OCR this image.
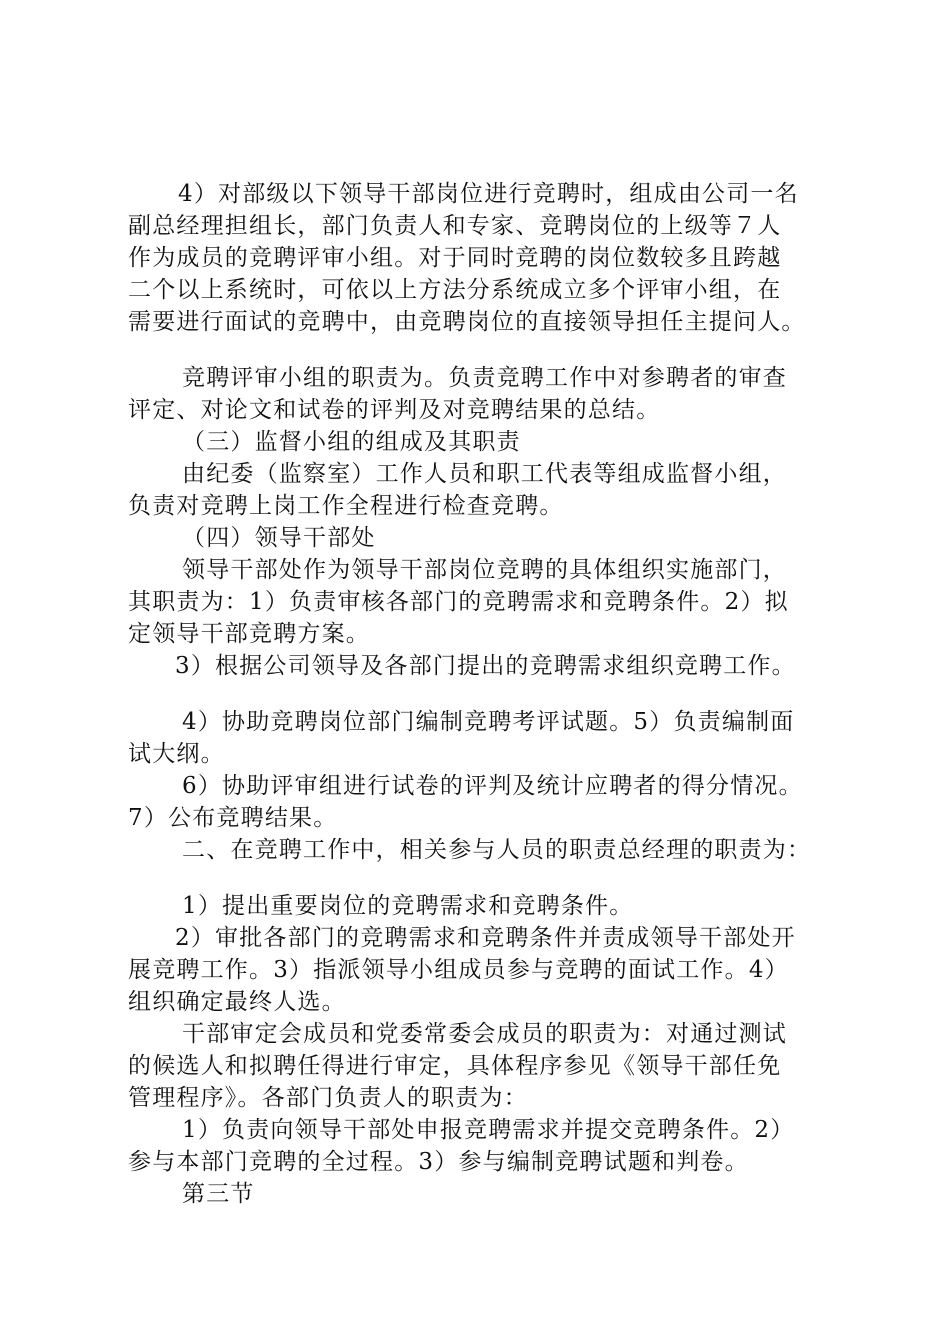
4）对部级以下领导干部岗位进行竞聘时，组成由公司一名
副总经理担组长，部门负责人和专家、竞聘岗位的上级等７人
作为成员的竞聘评审小组。对于同时竞聘的岗位数较多且跨越
二个以上系统时，可依以上方法分系统成立多个评审小组，在
需要进行面试的竞聘中，由竞聘岗位的直接领导担任主提问人。
竞聘评审小组的职责为。负责竞聘工作中对参聘者的审查
评定、对论文和试卷的评判及对竞聘结果的总结。
（三）监督小组的组成及其职责
由纪委（监察室）工作人员和职工代表等组成监督小组，
负责对竞聘上岗工作全程进行检查竞聘。
（四）领导干部处
领导干部处作为领导干部岗位竞聘的具体组织实施部门，
其职责为：1）负责审核各部门的竞聘需求和竞聘条件。2）拟
定领导干部竞聘方案。
3）根据公司领导及各部门提出的竞聘需求组织竞聘工作。
4）协助竞聘岗位部门编制竞聘考评试题。5）负责编制面
试大纲。
6）协助评审组进行试卷的评判及统计应聘者的得分情况。
7）公布竞聘结果。
二、在竞聘工作中，相关参与人员的职责总经理的职责为：
1）提出重要岗位的竞聘需求和竞聘条件。
2）审批各部门的竞聘需求和竞聘条件并责成领导干部处开
展竞聘工作。3）指派领导小组成员参与竞聘的面试工作。4）
组织确定最终人选。
干部审定会成员和党委常委会成员的职责为：对通过测试
的候选人和拟聘任得进行审定，具体程序参见《领导干部任免
管理程序》。各部门负责人的职责为：
1）负责向领导干部处申报竞聘需求并提交竞聘条件。2）
参与本部门竞聘的全过程。3）参与编制竞聘试题和判卷。
第三节
